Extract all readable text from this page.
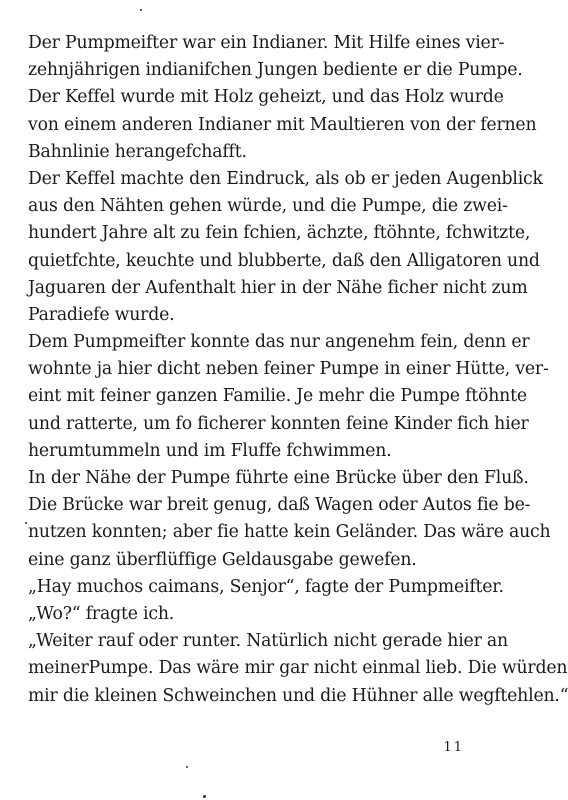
Der Pumpmeifter war ein Indianer. Mit Hilfe eines vier-
zehnjährigen indianifchen Jungen bediente er die Pumpe.
Der Keffel wurde mit Holz geheizt, und das Holz wurde
von einem anderen Indianer mit Maultieren von der fernen
Bahnlinie herangefchafft.
Der Keffel machte den Eindruck, als ob er jeden Augenblick
aus den Nähten gehen würde, und die Pumpe, die zwei-
hundert Jahre alt zu fein fchien, ächzte, ftöhnte, fchwitzte,
quietfchte, keuchte und blubberte, daß den Alligatoren und
Jaguaren der Aufenthalt hier in der Nähe ficher nicht zum
Paradiefe wurde.
Dem Pumpmeifter konnte das nur angenehm fein, denn er
wohnte ja hier dicht neben feiner Pumpe in einer Hütte, ver-
eint mit feiner ganzen Familie. Je mehr die Pumpe ftöhnte
und ratterte, um fo ficherer konnten feine Kinder fich hier
herumtummeln und im Fluffe fchwimmen.
In der Nähe der Pumpe führte eine Brücke über den Fluß.
Die Brücke war breit genug, daß Wagen oder Autos fie be-
nutzen konnten; aber fie hatte kein Geländer. Das wäre auch
eine ganz überflüffige Geldausgabe gewefen.
„Hay muchos caimans, Senjor“, fagte der Pumpmeifter.
„Wo?“ fragte ich.
„Weiter rauf oder runter. Natürlich nicht gerade hier an
meinerPumpe. Das wäre mir gar nicht einmal lieb. Die würden
mir die kleinen Schweinchen und die Hühner alle wegftehlen.“
11
